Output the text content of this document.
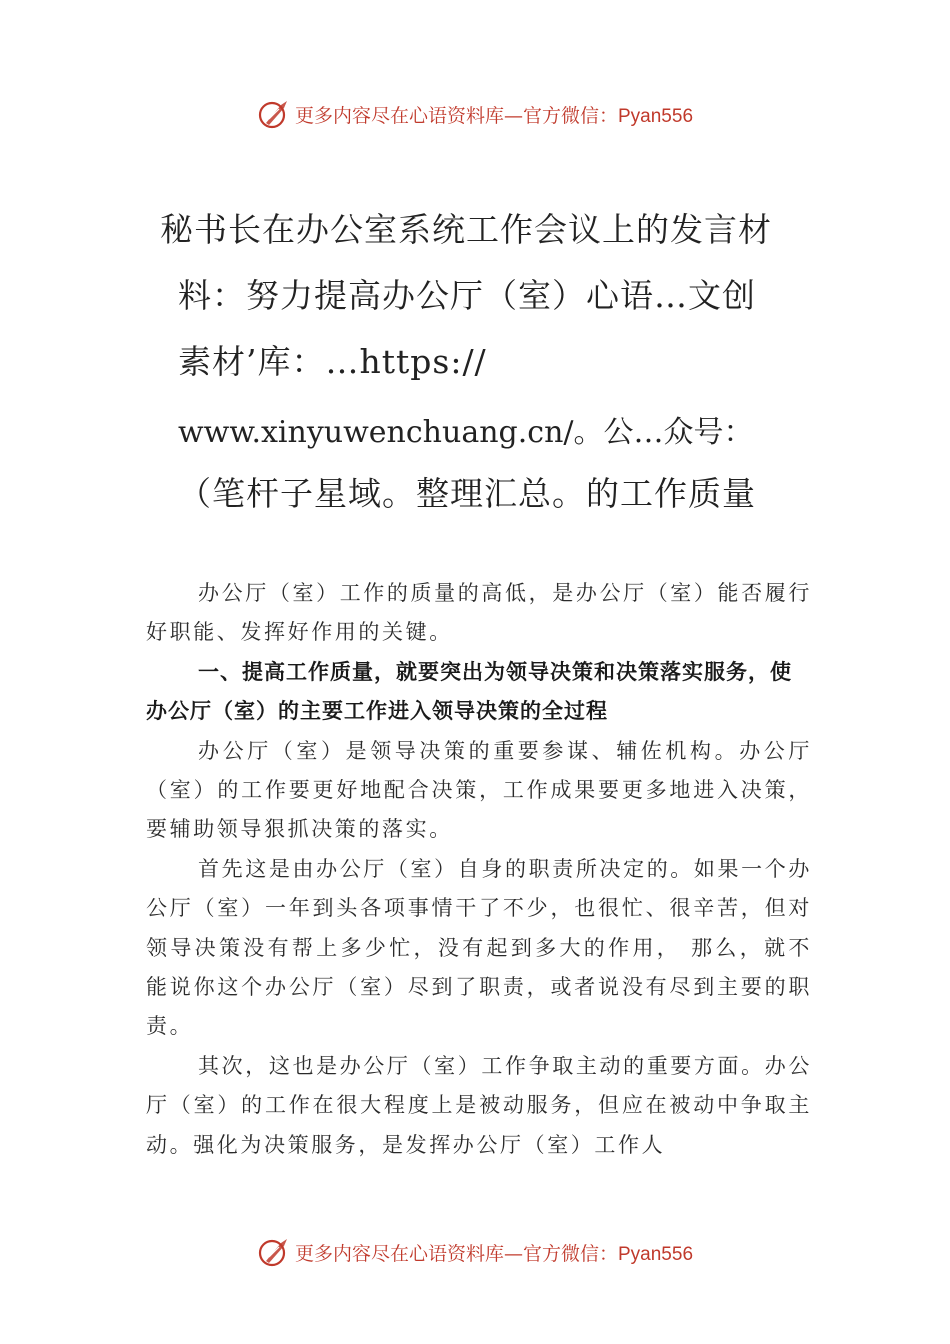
更多内容尽在心语资料库—官方微信：Pyan556
秘书长在办公室系统工作会议上的发言材
料：努力提高办公厅（室）心语…文创
素材’库：…https://
www.xinyuwenchuang.cn/。公…众号：
（笔杆子星域。整理汇总。的工作质量

办公厅（室）工作的质量的高低，是办公厅（室）能否履行好职能、发挥好作用的关键。

一、提高工作质量，就要突出为领导决策和决策落实服务，使办公厅（室）的主要工作进入领导决策的全过程

办公厅（室）是领导决策的重要参谋、辅佐机构。办公厅（室）的工作要更好地配合决策，工作成果要更多地进入决策，要辅助领导狠抓决策的落实。

首先这是由办公厅（室）自身的职责所决定的。如果一个办公厅（室）一年到头各项事情干了不少，也很忙、很辛苦，但对领导决策没有帮上多少忙，没有起到多大的作用， 那么，就不能说你这个办公厅（室）尽到了职责，或者说没有尽到主要的职责。

其次，这也是办公厅（室）工作争取主动的重要方面。办公厅（室）的工作在很大程度上是被动服务，但应在被动中争取主动。强化为决策服务，是发挥办公厅（室）工作人

更多内容尽在心语资料库—官方微信：Pyan556
